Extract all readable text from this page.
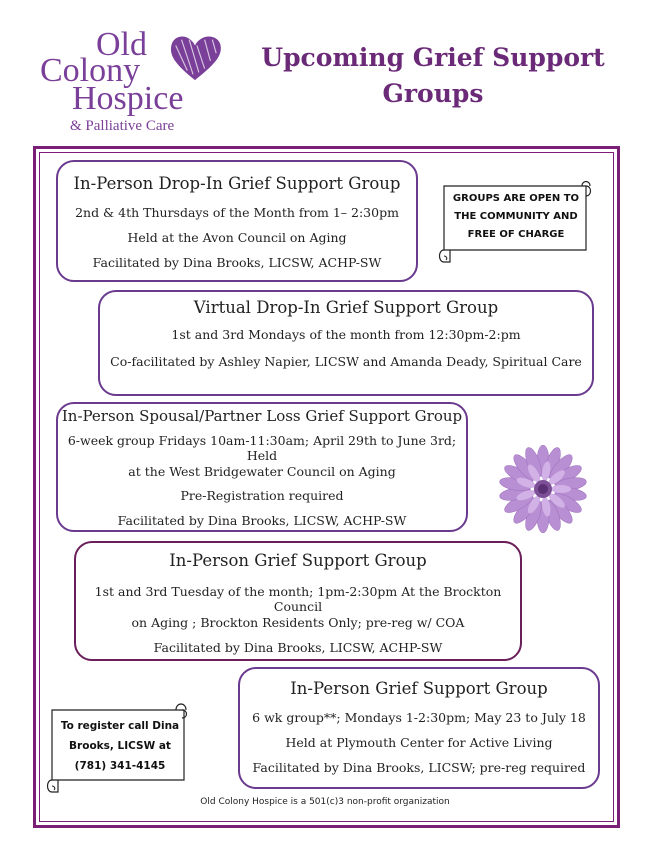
Old
Colony
Hospice
& Palliative Care
Upcoming Grief Support
Groups
In-Person Drop-In Grief Support Group
2nd & 4th Thursdays of the Month from 1– 2:30pm
Held at the Avon Council on Aging
Facilitated by Dina Brooks, LICSW, ACHP-SW
GROUPS ARE OPEN TO
THE COMMUNITY AND
FREE OF CHARGE
Virtual Drop-In Grief Support Group
1st and 3rd Mondays of the month from 12:30pm-2:pm
Co-facilitated by Ashley Napier, LICSW and Amanda Deady, Spiritual Care
In-Person Spousal/Partner Loss Grief Support Group
6-week group Fridays 10am-11:30am; April 29th to June 3rd; Held
at the West Bridgewater Council on Aging
Pre-Registration required
Facilitated by Dina Brooks, LICSW, ACHP-SW
In-Person Grief Support Group
1st and 3rd Tuesday of the month; 1pm-2:30pm At the Brockton Council
on Aging ; Brockton Residents Only; pre-reg w/ COA
Facilitated by Dina Brooks, LICSW, ACHP-SW
To register call Dina
Brooks, LICSW at
(781) 341-4145
In-Person Grief Support Group
6 wk group**; Mondays 1-2:30pm; May 23 to July 18
Held at Plymouth Center for Active Living
Facilitated by Dina Brooks, LICSW; pre-reg required
Old Colony Hospice is a 501(c)3 non-profit organization
